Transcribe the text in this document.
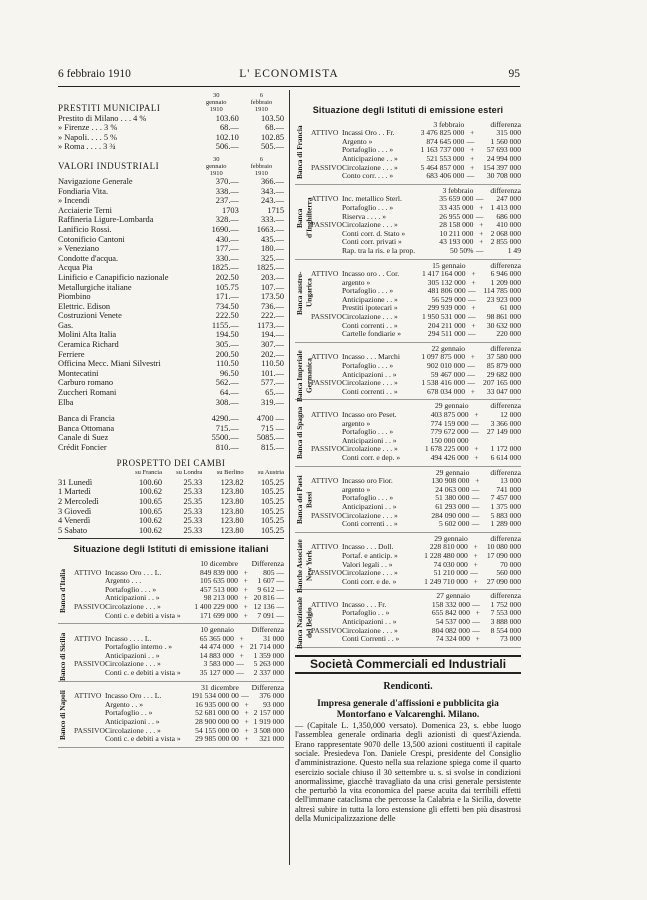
6 febbraio 1910	L' ECONOMISTA	95
PRESTITI MUNICIPALI	
30
gennaio
1910

6
febbraio
1910
Prestito di Milano . . . 4 %	103.60	103.50
» Firenze . . . 3 %	68.—	68.—
» Napoli. . . . 5 %	102.10	102.85
» Roma . . . . 3 ¾	506.—	505.—
VALORI INDUSTRIALI	
30
gennaio
1910

6
febbraio
1910
Navigazione Generale	370.—	366.—
Fondiaria Vita.	338.—	343.—
» Incendi	237.—	243.—
Acciaierie Terni	1703	1715
Raffineria Ligure-Lombarda	328.—	333.—
Lanificio Rossi.	1690.—	1663.—
Cotonificio Cantoni	430.—	435.—
» Veneziano	177.—	180.—
Condotte d'acqua.	330.—	325.—
Acqua Pia	1825.—	1825.—
Linificio e Canapificio nazionale	202.50	203.—
Metallurgiche italiane	105.75	107.—
Piombino	171.—	173.50
Elettric. Edison	734.50	736.—
Costruzioni Venete	222.50	222.—
Gas.	1155.—	1173.—
Molini Alta Italia	194.50	194.—
Ceramica Richard	305.—	307.—
Ferriere	200.50	202.—
Officina Mecc. Miani Silvestri	110.50	110.50
Montecatini	96.50	101.—
Carburo romano	562.—	577.—
Zuccheri Romani	64.—	65.—
Elba	308.—	319.—
Banca di Francia	4290.—	4700 —
Banca Ottomana	715.—	715 —
Canale di Suez	5500.—	5085.—
Crédit Foncier	810.—	815.—
PROSPETTO DEI CAMBI
	su Francia	su Londra	su Berlino	su Austria
31 Lunedì	100.60	25.33	123.82	105.25
1 Martedì	100.62	25.33	123.80	105.25
2 Mercoledì	100.65	25.35	123.80	105.25
3 Giovedì	100.65	25.33	123.80	105.25
4 Venerdì	100.62	25.33	123.80	105.25
5 Sabato	100.62	25.33	123.80	105.25
Situazione degli Istituti di emissione italiani
Banca d'Italia
		10 dicembre		Differenza
ATTIVO	Incasso Oro . . . L.	849 839 000	+	805 —
	Argento . . .	105 635 000	+	1 607 —
	Portafoglio . . . »	457 513 000	+	9 612 —
	Anticipazioni . . »	98 213 000	+	20 816 —

PASSIVO	Circolazione . . . »	1 400 229 000	+	12 136 —
	Conti c. e debiti a vista »	171 699 000	+	7 091 —
Banco di Sicilia
		10 gennaio		Differenza
ATTIVO	Incasso . . . . L.	65 365 000	+	31 000
	Portafoglio interno . »	44 474 000	+	21 714 000
	Anticipazioni . . »	14 883 000	+	1 359 000

PASSIVO	Circolazione . . . »	3 583 000	—	5 263 000
	Conti c. e debiti a vista »	35 127 000	—	2 337 000
Banco di Napoli
		31 dicembre		Differenza
ATTIVO	Incasso Oro . . . L.	191 534 000 00	—	376 000
	Argento . . »	16 935 000 00	+	93 000
	Portafoglio . . »	52 681 000 00	+	2 157 000
	Anticipazioni . . »	28 900 000 00	+	1 919 000

PASSIVO	Circolazione . . . »	54 155 000 00	+	3 508 000
	Conti c. e debiti a vista »	29 985 000 00	+	321 000
Situazione degli Istituti di emissione esteri
Banca di Francia
		3 febbraio		differenza
ATTIVO	Incassi Oro . . Fr.	3 476 825 000	+	315 000
	Argento »	874 645 000	—	1 560 000
	Portafoglio . . . »	1 163 737 000	+	57 693 000
	Anticipazione . . »	521 553 000	+	24 994 000
PASSIVO	Circolazione . . . »	5 464 857 000	+	154 397 000
	Conto corr. . . . »	683 406 000	—	30 708 000
Banca d'Inghilterra
		3 febbraio		differenza
ATTIVO	Inc. metallico Sterl.	35 659 000	—	247 000
	Portafoglio . . . »	33 435 000	+	1 413 000
	Riserva . . . . »	26 955 000	—	686 000

PASSIVO	Circolazione . . . »	28 158 000	+	410 000
	Conti corr. d. Stato »	10 211 000	+	2 068 000
	Conti corr. privati »	43 193 000	+	2 855 000
	Rap. tra la ris. e la prop.	50 50%	—	1 49
Banca austro-Ungarica
		15 gennaio		differenza
ATTIVO	Incasso oro . . Cor.	1 417 164 000	+	6 946 000
	argento »	305 132 000	+	1 209 000
	Portafoglio . . . »	481 806 000	—	114 785 000
	Anticipazione . . »	56 529 000	—	23 923 000
	Prestiti ipotecari »	299 939 000	+	61 000
PASSIVO	Circolazione . . . »	1 950 531 000	—	98 861 000
	Conti correnti . . »	204 211 000	+	30 632 000
	Cartelle fondiarie »	294 511 000	—	220 000
Banca Imperiale Germanica
		22 gennaio		differenza
ATTIVO	Incasso . . . Marchi	1 097 875 000	+	37 580 000
	Portafoglio . . . »	902 010 000	—	85 879 000
	Anticipazioni . . »	59 467 000	—	29 682 000

PASSIVO	Circolazione . . . »	1 538 416 000	—	207 165 000
	Conti correnti . . »	678 034 000	+	33 047 000
Banca di Spagna
		29 gennaio		differenza
ATTIVO	Incasso oro Peset.	403 875 000	+	12 000
	argento »	774 159 000	—	3 366 000
	Portafoglio . . . »	779 672 000	—	27 149 000
	Anticipazioni . . »	150 000 000		
PASSIVO	Circolazione . . . »	1 678 225 000	+	1 172 000
	Conti corr. e dep. »	494 426 000	+	6 614 000
Banca dei Paesi Bassi
		29 gennaio		differenza
ATTIVO	Incasso oro Fior.	130 908 000	+	13 000
	argento »	24 063 000	—	741 000
	Portafoglio . . . »	51 380 000	—	7 457 000
	Anticipazioni . . »	61 293 000	—	1 375 000
PASSIVO	Circolazione . . . »	284 090 000	—	5 883 000
	Conti correnti . . »	5 602 000	—	1 289 000
Banche Associate New York
		29 gennaio		differenza
ATTIVO	Incasso . . . Doll.	228 810 000	+	10 080 000
	Portaf. e anticip. »	1 228 480 000	+	17 090 000
	Valori legali . . »	74 030 000	+	70 000

PASSIVO	Circolazione . . . »	51 210 000	—	560 000
	Conti corr. e de. »	1 249 710 000	+	27 090 000
Banca Nazionale del Belgio
		27 gennaio		differenza
ATTIVO	Incasso . . . Fr.	158 332 000	—	1 752 000
	Portafoglio . . »	655 842 000	+	7 553 000
	Anticipazioni . . »	54 537 000	—	3 888 000
PASSIVO	Circolazione . . . »	804 082 000	—	8 554 000
	Conti Correnti . . »	74 324 000	+	73 000
Società Commerciali ed Industriali
Rendiconti.
Impresa generale d'affissioni e pubblicita gia Montorfano e Valcarenghi. Milano.
— (Capitale L. 1,350,000 versato). Domenica 23, s. ebbe luogo l'assemblea generale ordinaria degli azionisti di quest'Azienda. Erano rappresentate 9070 delle 13,500 azioni costituenti il capitale sociale. Presiedeva l'on. Daniele Crespi, presidente del Consiglio d'amministrazione. Questo nella sua relazione spiega come il quarto esercizio sociale chiuso il 30 settembre u. s. si svolse in condizioni anormalissime, giacchè travagliato da una crisi generale persistente che perturbò la vita economica del paese acuita dai terribili effetti dell'immane cataclisma che percosse la Calabria e la Sicilia, dovette altresì subire in tutta la loro estensione gli effetti ben più disastrosi della Municipalizzazione delle
